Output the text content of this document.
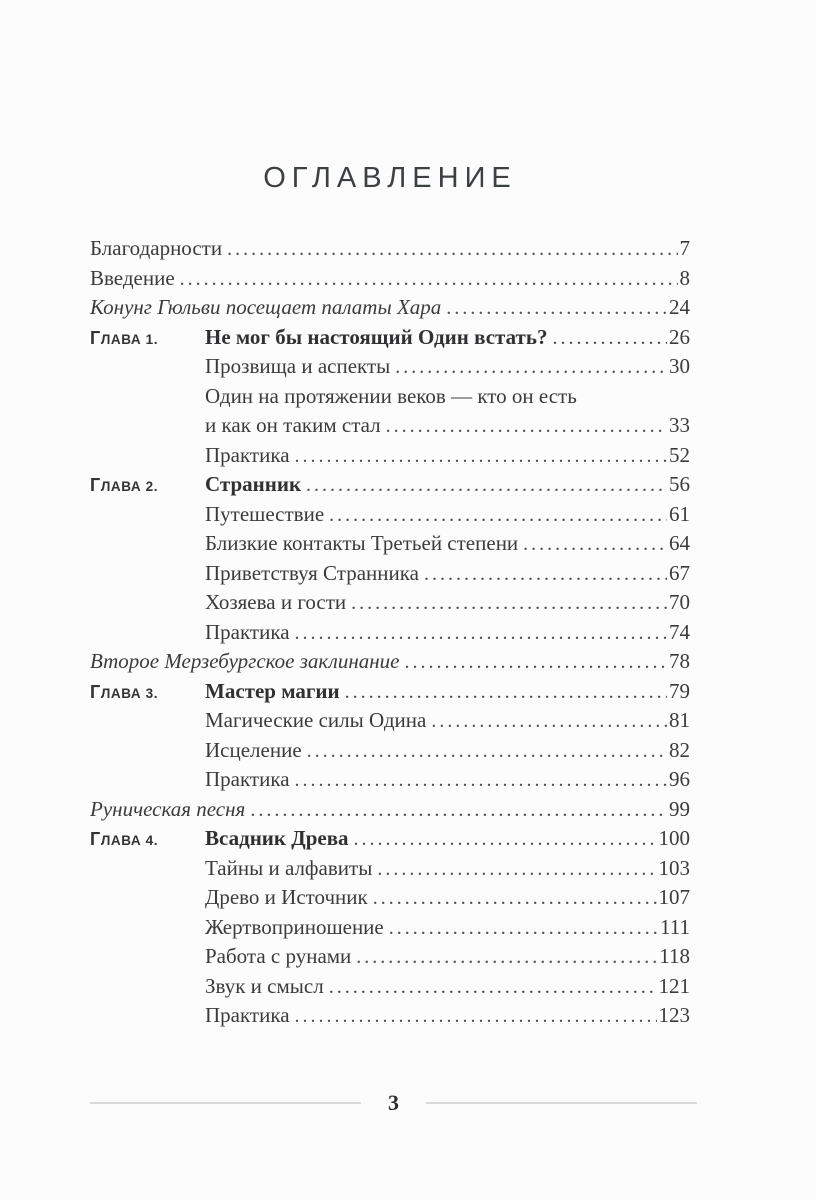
ОГЛАВЛЕНИЕ
Благодарности .....	7
Введение .....	8
Конунг Гюльви посещает палаты Хара .....	24
ГЛАВА 1.	Не мог бы настоящий Один встать? .....	26
Прозвища и аспекты .....	30
Один на протяжении веков — кто он есть
и как он таким стал .....	33
Практика .....	52
ГЛАВА 2.	Странник .....	56
Путешествие .....	61
Близкие контакты Третьей степени .....	64
Приветствуя Странника .....	67
Хозяева и гости .....	70
Практика .....	74
Второе Мерзебургское заклинание .....	78
ГЛАВА 3.	Мастер магии .....	79
Магические силы Одина .....	81
Исцеление .....	82
Практика .....	96
Руническая песня .....	99
ГЛАВА 4.	Всадник Древа .....	100
Тайны и алфавиты .....	103
Древо и Источник .....	107
Жертвоприношение .....	111
Работа с рунами .....	118
Звук и смысл .....	121
Практика .....	123
3
